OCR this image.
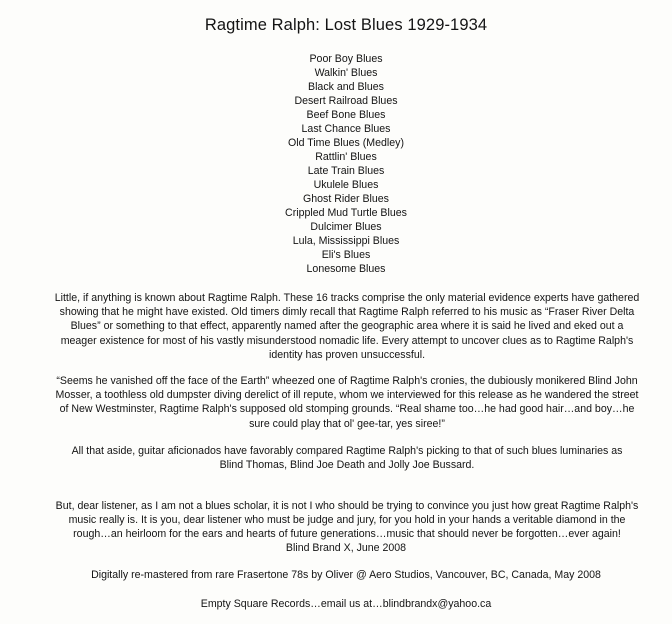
Ragtime Ralph: Lost Blues 1929-1934
Poor Boy Blues
Walkin' Blues
Black and Blues
Desert Railroad Blues
Beef Bone Blues
Last Chance Blues
Old Time Blues (Medley)
Rattlin' Blues
Late Train Blues
Ukulele Blues
Ghost Rider Blues
Crippled Mud Turtle Blues
Dulcimer Blues
Lula, Mississippi Blues
Eli's Blues
Lonesome Blues
Little, if anything is known about Ragtime Ralph. These 16 tracks comprise the only material evidence experts have gathered
showing that he might have existed. Old timers dimly recall that Ragtime Ralph referred to his music as “Fraser River Delta
Blues” or something to that effect, apparently named after the geographic area where it is said he lived and eked out a
meager existence for most of his vastly misunderstood nomadic life. Every attempt to uncover clues as to Ragtime Ralph's
identity has proven unsuccessful.
“Seems he vanished off the face of the Earth” wheezed one of Ragtime Ralph's cronies, the dubiously monikered Blind John
Mosser, a toothless old dumpster diving derelict of ill repute, whom we interviewed for this release as he wandered the street
of New Westminster, Ragtime Ralph's supposed old stomping grounds. “Real shame too…he had good hair…and boy…he
sure could play that ol' gee-tar, yes siree!”
All that aside, guitar aficionados have favorably compared Ragtime Ralph's picking to that of such blues luminaries as
Blind Thomas, Blind Joe Death and Jolly Joe Bussard.
But, dear listener, as I am not a blues scholar, it is not I who should be trying to convince you just how great Ragtime Ralph's
music really is. It is you, dear listener who must be judge and jury, for you hold in your hands a veritable diamond in the
rough…an heirloom for the ears and hearts of future generations…music that should never be forgotten…ever again!
Blind Brand X, June 2008
Digitally re-mastered from rare Frasertone 78s by Oliver @ Aero Studios, Vancouver, BC, Canada, May 2008
Empty Square Records…email us at…blindbrandx@yahoo.ca
